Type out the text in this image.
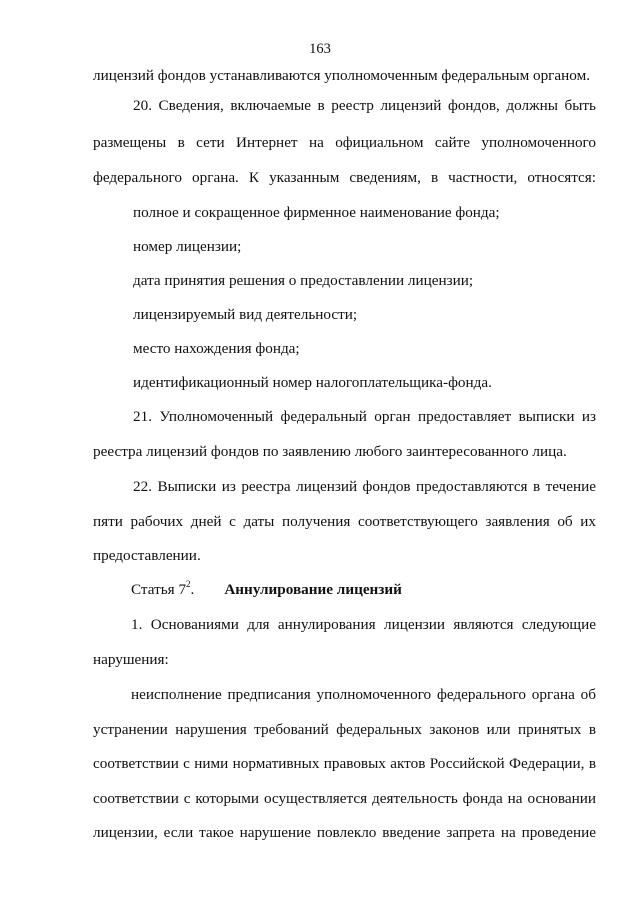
163
лицензий фондов устанавливаются уполномоченным федеральным органом.
20. Сведения, включаемые в реестр лицензий фондов, должны быть
размещены в сети Интернет на официальном сайте уполномоченного
федерального органа. К указанным сведениям, в частности, относятся:
полное и сокращенное фирменное наименование фонда;
номер лицензии;
дата принятия решения о предоставлении лицензии;
лицензируемый вид деятельности;
место нахождения фонда;
идентификационный номер налогоплательщика-фонда.
21. Уполномоченный федеральный орган предоставляет выписки из
реестра лицензий фондов по заявлению любого заинтересованного лица.
22. Выписки из реестра лицензий фондов предоставляются в течение
пяти рабочих дней с даты получения соответствующего заявления об их
предоставлении.
Статья $7^2$. Аннулирование лицензий
1. Основаниями для аннулирования лицензии являются следующие
нарушения:
неисполнение предписания уполномоченного федерального органа об
устранении нарушения требований федеральных законов или принятых в
соответствии с ними нормативных правовых актов Российской Федерации, в
соответствии с которыми осуществляется деятельность фонда на основании
лицензии, если такое нарушение повлекло введение запрета на проведение
